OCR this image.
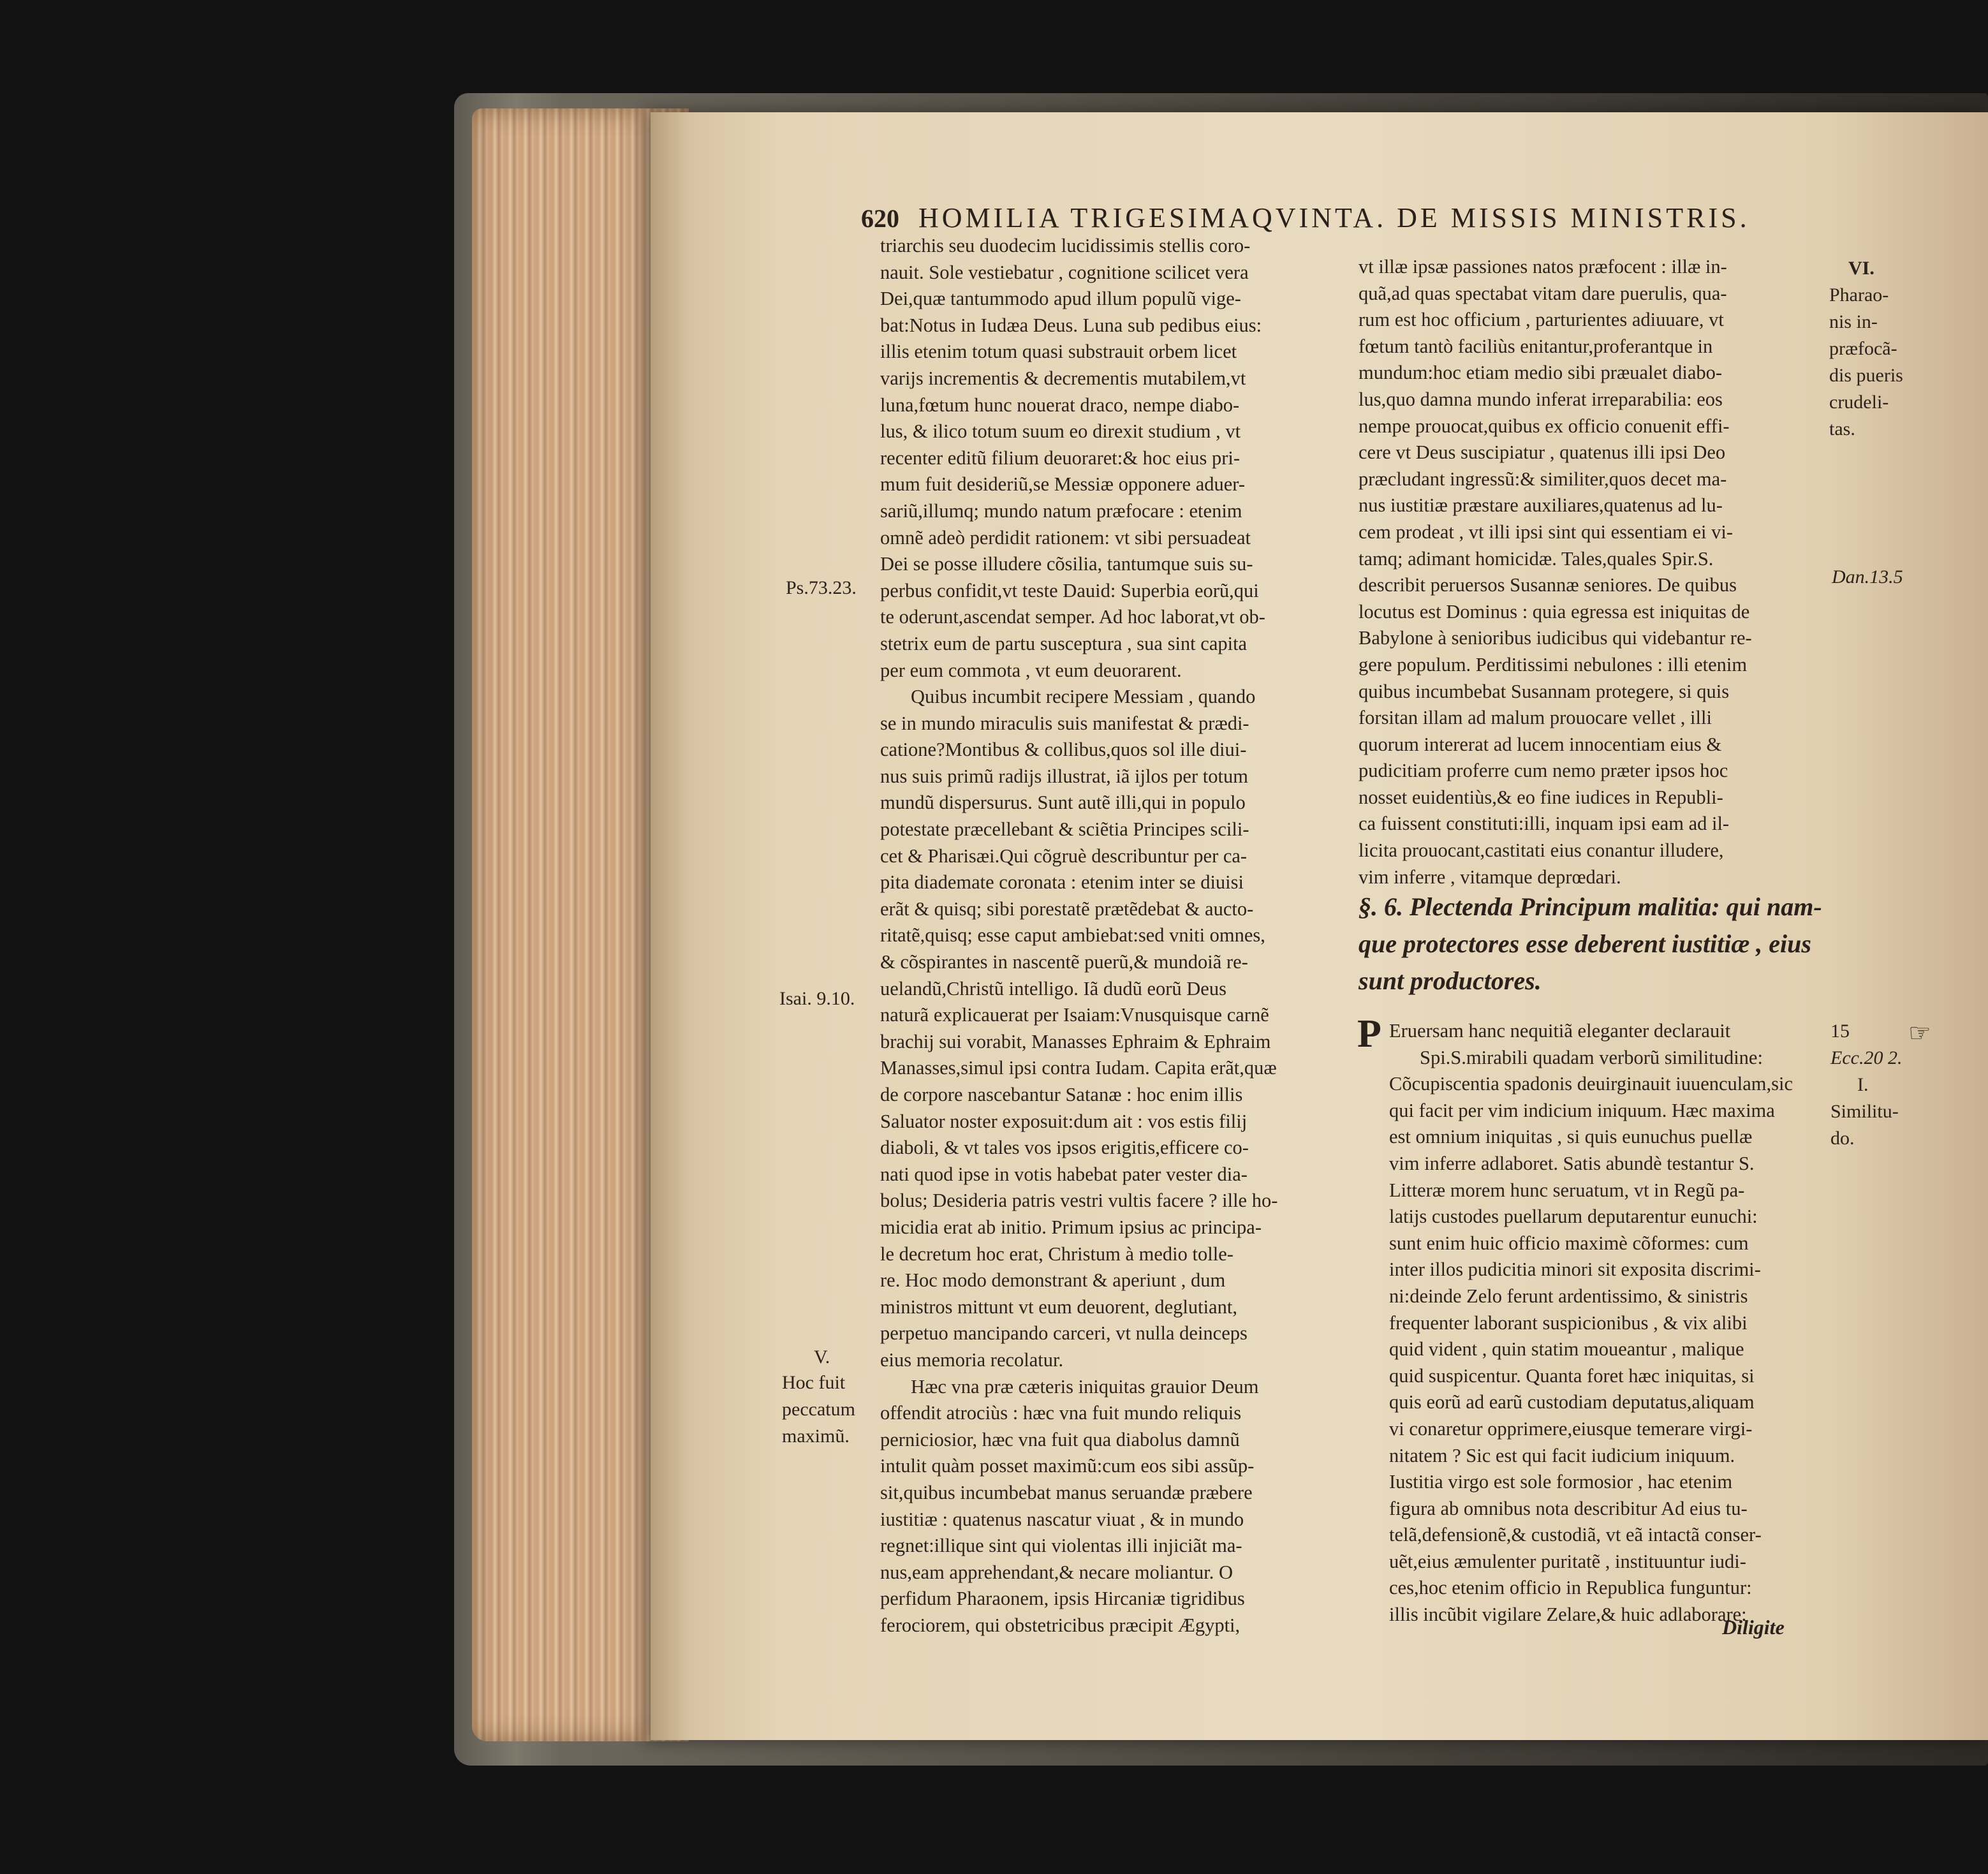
620 HOMILIA TRIGESIMAQVINTA. DE MISSIS MINISTRIS.
triarchis seu duodecim lucidissimis stellis coro-
nauit. Sole vestiebatur , cognitione scilicet vera
Dei,quæ tantummodo apud illum populũ vige-
bat:Notus in Iudæa Deus. Luna sub pedibus eius:
illis etenim totum quasi substrauit orbem licet
varijs incrementis & decrementis mutabilem,vt
luna,fœtum hunc nouerat draco, nempe diabo-
lus, & ilico totum suum eo direxit studium , vt
recenter editũ filium deuoraret:& hoc eius pri-
mum fuit desideriũ,se Messiæ opponere aduer-
sariũ,illumq; mundo natum præfocare : etenim
omnẽ adeò perdidit rationem: vt sibi persuadeat
Dei se posse illudere cõsilia, tantumque suis su-
perbus confidit,vt teste Dauid: Superbia eorũ,qui
te oderunt,ascendat semper. Ad hoc laborat,vt ob-
stetrix eum de partu susceptura , sua sint capita
per eum commota , vt eum deuorarent.
Quibus incumbit recipere Messiam , quando
se in mundo miraculis suis manifestat & prædi-
catione?Montibus & collibus,quos sol ille diui-
nus suis primũ radijs illustrat, iã ijlos per totum
mundũ dispersurus. Sunt autẽ illi,qui in populo
potestate præcellebant & sciẽtia Principes scili-
cet & Pharisæi.Qui cõgruè describuntur per ca-
pita diademate coronata : etenim inter se diuisi
erãt & quisq; sibi porestatẽ prætẽdebat & aucto-
ritatẽ,quisq; esse caput ambiebat:sed vniti omnes,
& cõspirantes in nascentẽ puerũ,& mundoiã re-
uelandũ,Christũ intelligo. Iã dudũ eorũ Deus
naturã explicauerat per Isaiam:Vnusquisque carnẽ
brachij sui vorabit, Manasses Ephraim & Ephraim
Manasses,simul ipsi contra Iudam. Capita erãt,quæ
de corpore nascebantur Satanæ : hoc enim illis
Saluator noster exposuit:dum ait : vos estis filij
diaboli, & vt tales vos ipsos erigitis,efficere co-
nati quod ipse in votis habebat pater vester dia-
bolus; Desideria patris vestri vultis facere ? ille ho-
micidia erat ab initio. Primum ipsius ac principa-
le decretum hoc erat, Christum à medio tolle-
re. Hoc modo demonstrant & aperiunt , dum
ministros mittunt vt eum deuorent, deglutiant,
perpetuo mancipando carceri, vt nulla deinceps
eius memoria recolatur.
Hæc vna præ cæteris iniquitas grauior Deum
offendit atrociùs : hæc vna fuit mundo reliquis
perniciosior, hæc vna fuit qua diabolus damnũ
intulit quàm posset maximũ:cum eos sibi assũp-
sit,quibus incumbebat manus seruandæ præbere
iustitiæ : quatenus nascatur viuat , & in mundo
regnet:illique sint qui violentas illi injiciãt ma-
nus,eam apprehendant,& necare moliantur. O
perfidum Pharaonem, ipsis Hircaniæ tigridibus
ferociorem, qui obstetricibus præcipit Ægypti,
vt illæ ipsæ passiones natos præfocent : illæ in-
quã,ad quas spectabat vitam dare puerulis, qua-
rum est hoc officium , parturientes adiuuare, vt
fœtum tantò faciliùs enitantur,proferantque in
mundum:hoc etiam medio sibi præualet diabo-
lus,quo damna mundo inferat irreparabilia: eos
nempe prouocat,quibus ex officio conuenit effi-
cere vt Deus suscipiatur , quatenus illi ipsi Deo
præcludant ingressũ:& similiter,quos decet ma-
nus iustitiæ præstare auxiliares,quatenus ad lu-
cem prodeat , vt illi ipsi sint qui essentiam ei vi-
tamq; adimant homicidæ. Tales,quales Spir.S.
describit peruersos Susannæ seniores. De quibus
locutus est Dominus : quia egressa est iniquitas de
Babylone à senioribus iudicibus qui videbantur re-
gere populum. Perditissimi nebulones : illi etenim
quibus incumbebat Susannam protegere, si quis
forsitan illam ad malum prouocare vellet , illi
quorum intererat ad lucem innocentiam eius &
pudicitiam proferre cum nemo præter ipsos hoc
nosset euidentiùs,& eo fine iudices in Republi-
ca fuissent constituti:illi, inquam ipsi eam ad il-
licita prouocant,castitati eius conantur illudere,
vim inferre , vitamque deprœdari.
§. 6. Plectenda Principum malitia: qui nam-
que protectores esse deberent iustitiæ , eius
sunt productores.
P Eruersam hanc nequitiã eleganter declarauit
Spi.S.mirabili quadam verborũ similitudine:
Cõcupiscentia spadonis deuirginauit iuuenculam,sic
qui facit per vim indicium iniquum. Hæc maxima
est omnium iniquitas , si quis eunuchus puellæ
vim inferre adlaboret. Satis abundè testantur S.
Litteræ morem hunc seruatum, vt in Regũ pa-
latijs custodes puellarum deputarentur eunuchi:
sunt enim huic officio maximè cõformes: cum
inter illos pudicitia minori sit exposita discrimi-
ni:deinde Zelo ferunt ardentissimo, & sinistris
frequenter laborant suspicionibus , & vix alibi
quid vident , quin statim moueantur , malique
quid suspicentur. Quanta foret hæc iniquitas, si
quis eorũ ad earũ custodiam deputatus,aliquam
vi conaretur opprimere,eiusque temerare virgi-
nitatem ? Sic est qui facit iudicium iniquum.
Iustitia virgo est sole formosior , hac etenim
figura ab omnibus nota describitur Ad eius tu-
telã,defensionẽ,& custodiã, vt eã intactã conser-
uẽt,eius æmulenter puritatẽ , instituuntur iudi-
ces,hoc etenim officio in Republica funguntur:
illis incũbit vigilare Zelare,& huic adlaborare:
Ps.73.23.
Isai. 9.10.
V.
Hoc fuit
peccatum
maximũ.
VI.
Pharao-
nis in-
præfocã-
dis pueris
crudeli-
tas.
Dan.13.5
15
Ecc.20 2.
I.
Similitu-
do.
☞
Diligite
